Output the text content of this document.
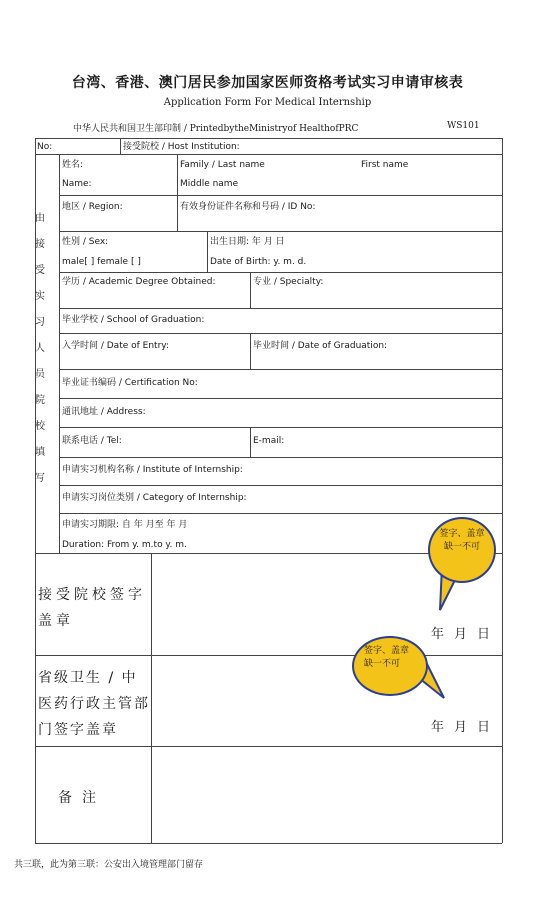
台湾、香港、澳门居民参加国家医师资格考试实习申请审核表
Application Form For Medical Internship
中华人民共和国卫生部印制 / PrintedbytheMinistryof HealthofPRC	WS101
No:	接受院校 / Host Institution:
由接受实习人员院校填写
姓名:
Name:
Family / Last name	First name
Middle name
地区 / Region:	有效身份证件名称和号码 / ID No:
性别 / Sex:
male[ ] female [ ]
出生日期: 年 月 日
Date of Birth: y. m. d.
学历 / Academic Degree Obtained:	专业 / Specialty:
毕业学校 / School of Graduation:
入学时间 / Date of Entry:	毕业时间 / Date of Graduation:
毕业证书编码 / Certification No:
通讯地址 / Address:
联系电话 / Tel:	E-mail:
申请实习机构名称 / Institute of Internship:
申请实习岗位类别 / Category of Internship:
申请实习期限: 自 年 月至 年 月
Duration: From y. m.to y. m.
接受院校签字盖章
年月日
省级卫生 / 中医药行政主管部门签字盖章	年月日
备注
签字、盖章缺一不可
签字、盖章缺一不可
共三联，此为第三联：公安出入境管理部门留存
